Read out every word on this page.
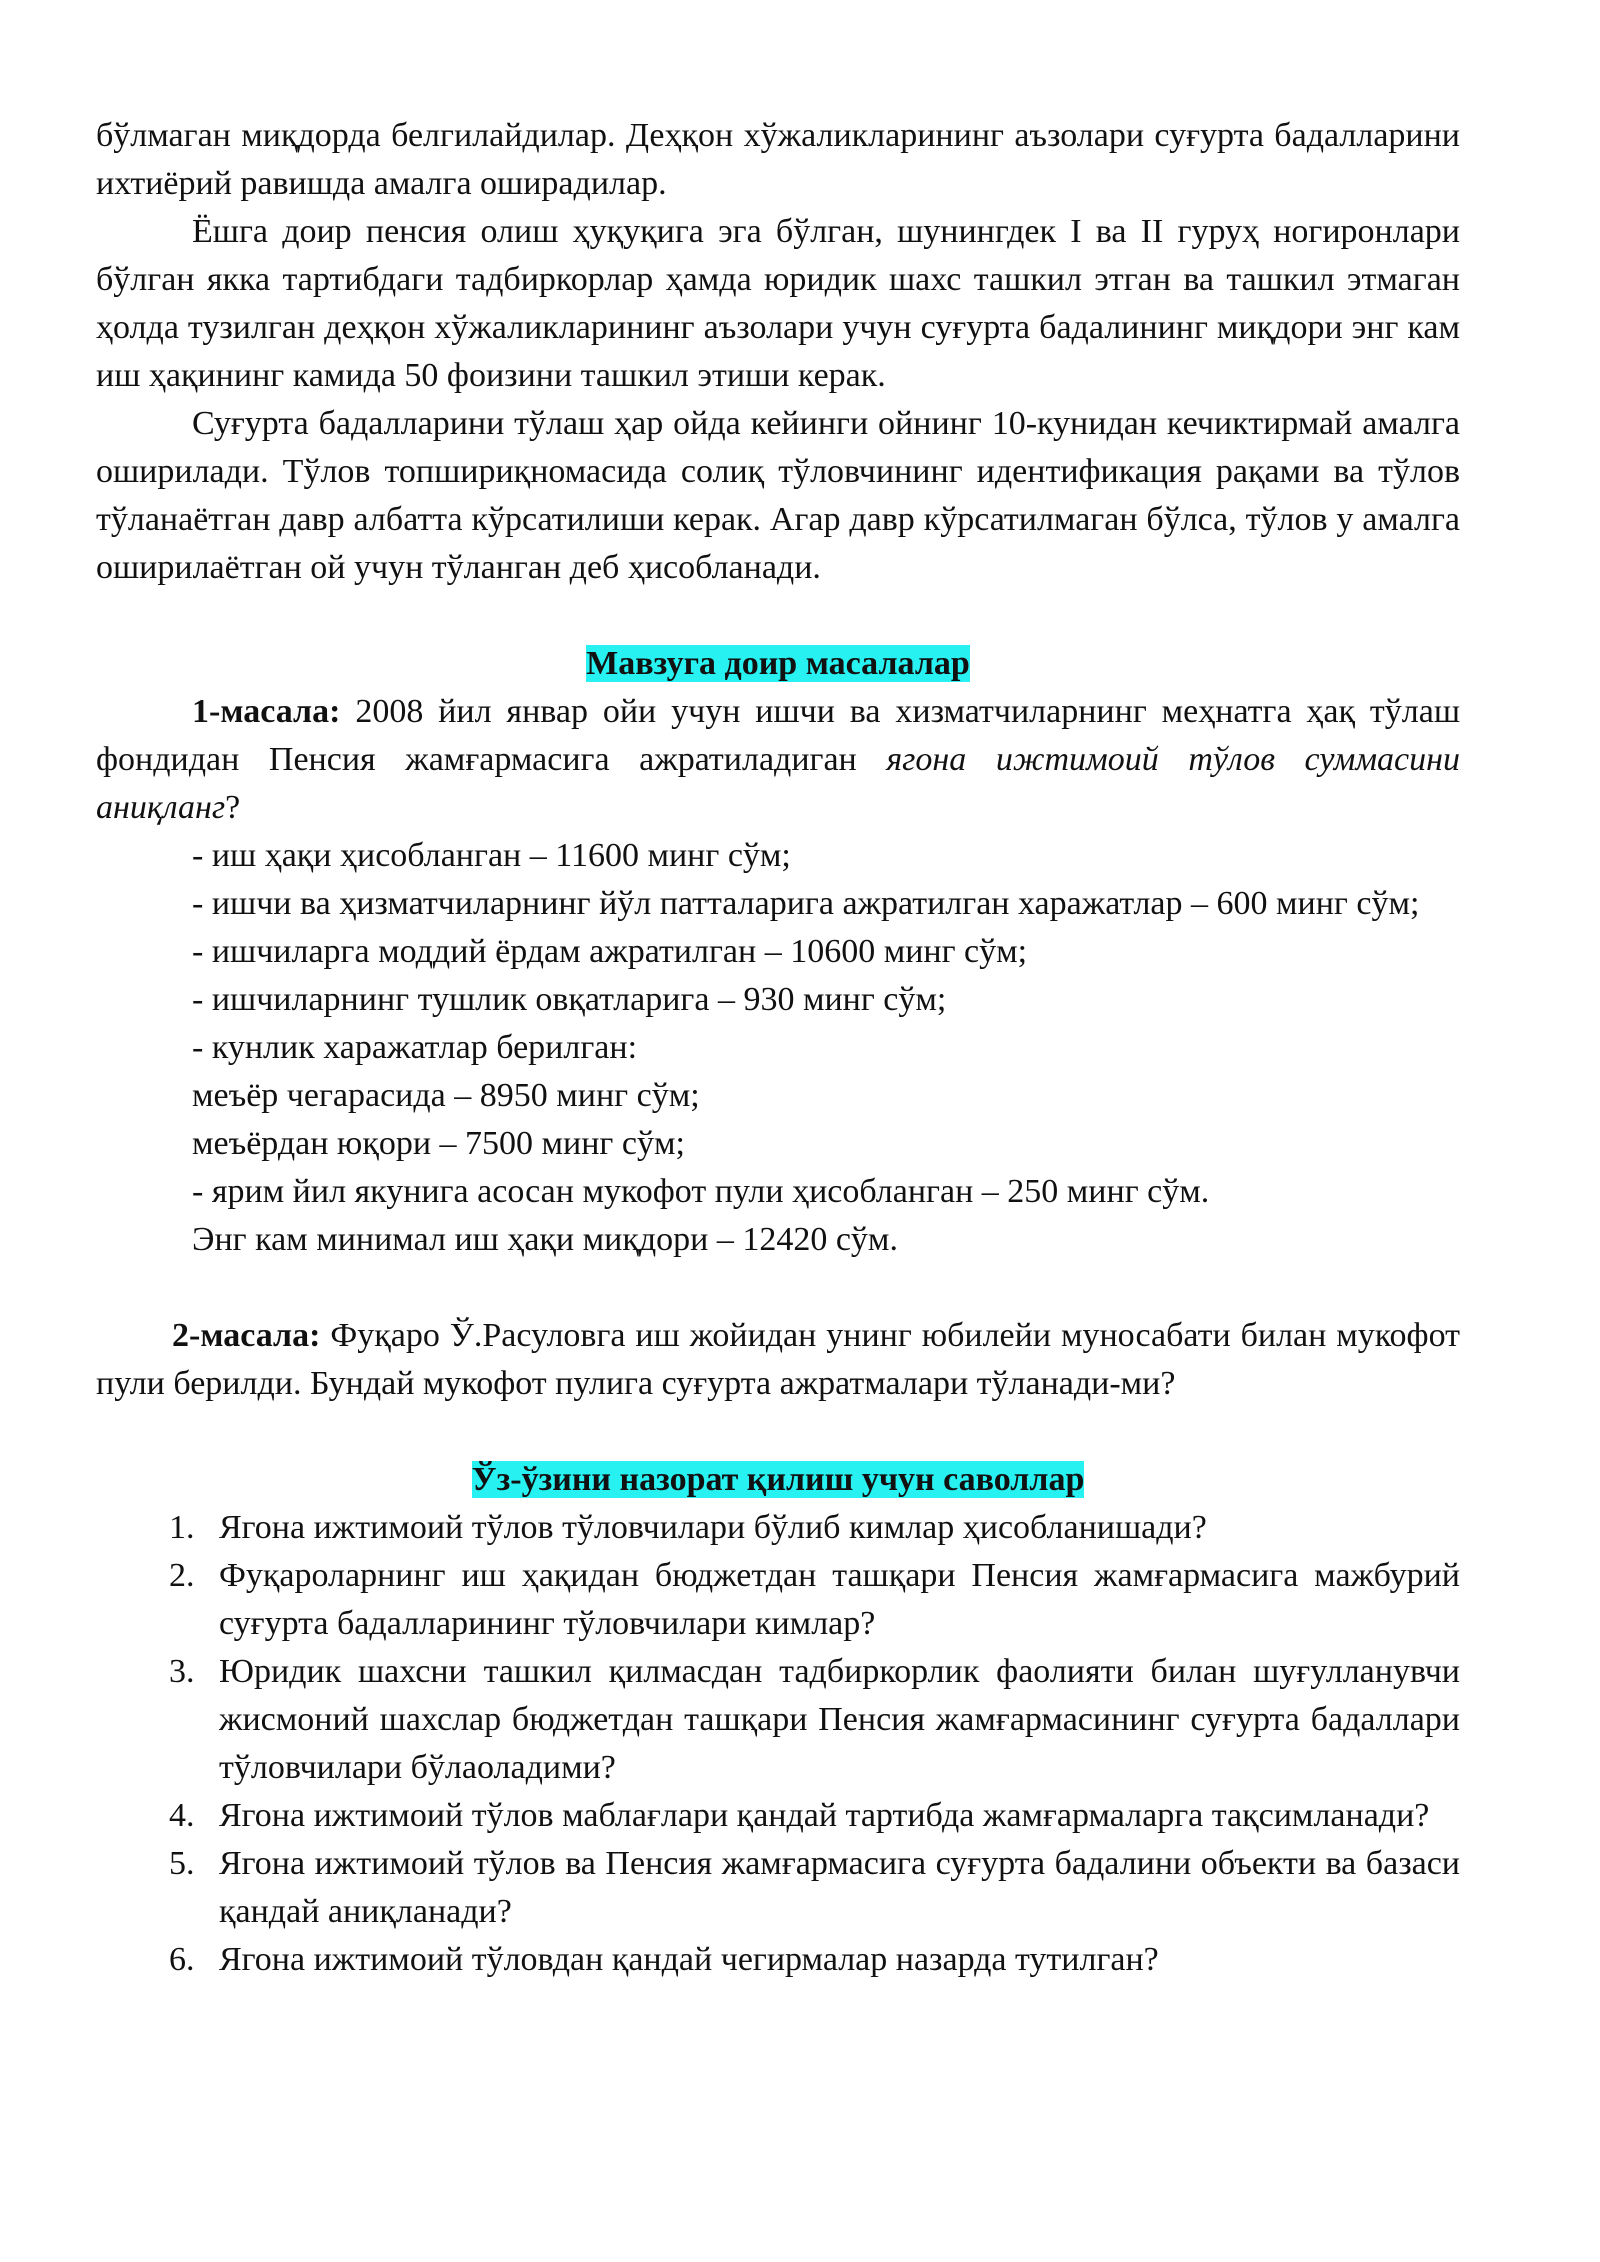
бўлмаган миқдорда белгилайдилар. Деҳқон хўжаликларининг аъзолари суғурта бадалларини ихтиёрий равишда амалга оширадилар.

Ёшга доир пенсия олиш ҳуқуқига эга бўлган, шунингдек I ва II гуруҳ ногиронлари бўлган якка тартибдаги тадбиркорлар ҳамда юридик шахс ташкил этган ва ташкил этмаган ҳолда тузилган деҳқон хўжаликларининг аъзолари учун суғурта бадалининг миқдори энг кам иш ҳақининг камида 50 фоизини ташкил этиши керак.

Суғурта бадалларини тўлаш ҳар ойда кейинги ойнинг 10-кунидан кечиктирмай амалга оширилади. Тўлов топшириқномасида солиқ тўловчининг идентификация рақами ва тўлов тўланаётган давр албатта кўрсатилиши керак. Агар давр кўрсатилмаган бўлса, тўлов у амалга оширилаётган ой учун тўланган деб ҳисобланади.

Мавзуга доир масалалар

1-масала: 2008 йил январ ойи учун ишчи ва хизматчиларнинг меҳнатга ҳақ тўлаш фондидан Пенсия жамғармасига ажратиладиган ягона ижтимоий тўлов суммасини аниқланг?

- иш ҳақи ҳисобланган – 11600 минг сўм;

- ишчи ва ҳизматчиларнинг йўл патталарига ажратилган харажатлар – 600 минг сўм;

- ишчиларга моддий ёрдам ажратилган – 10600 минг сўм;

- ишчиларнинг тушлик овқатларига – 930 минг сўм;

- кунлик харажатлар берилган:

меъёр чегарасида – 8950 минг сўм;

меъёрдан юқори – 7500 минг сўм;

- ярим йил якунига асосан мукофот пули ҳисобланган – 250 минг сўм.

Энг кам минимал иш ҳақи миқдори – 12420 сўм.

2-масала: Фуқаро Ў.Расуловга иш жойидан унинг юбилейи муносабати билан мукофот пули берилди. Бундай мукофот пулига суғурта ажратмалари тўланади-ми?

Ўз-ўзини назорат қилиш учун саволлар

1. Ягона ижтимоий тўлов тўловчилари бўлиб кимлар ҳисобланишади?
2. Фуқароларнинг иш ҳақидан бюджетдан ташқари Пенсия жамғармасига мажбурий суғурта бадалларининг тўловчилари кимлар?
3. Юридик шахсни ташкил қилмасдан тадбиркорлик фаолияти билан шуғулланувчи жисмоний шахслар бюджетдан ташқари Пенсия жамғармасининг суғурта бадаллари тўловчилари бўлаоладими?
4. Ягона ижтимоий тўлов маблағлари қандай тартибда жамғармаларга тақсимланади?
5. Ягона ижтимоий тўлов ва Пенсия жамғармасига суғурта бадалини объекти ва базаси қандай аниқланади?
6. Ягона ижтимоий тўловдан қандай чегирмалар назарда тутилган?
